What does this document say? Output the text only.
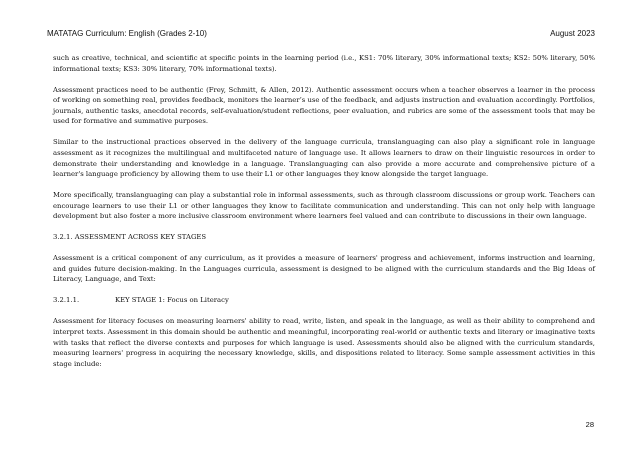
MATATAG Curriculum: English (Grades 2-10)	August 2023

such as creative, technical, and scientific at specific points in the learning period (i.e., KS1: 70% literary, 30% informational texts; KS2: 50% literary, 50% informational texts; KS3: 30% literary, 70% informational texts).

Assessment practices need to be authentic (Frey, Schmitt, & Allen, 2012). Authentic assessment occurs when a teacher observes a learner in the process of working on something real, provides feedback, monitors the learner’s use of the feedback, and adjusts instruction and evaluation accordingly. Portfolios, journals, authentic tasks, anecdotal records, self-evaluation/student reflections, peer evaluation, and rubrics are some of the assessment tools that may be used for formative and summative purposes.

Similar to the instructional practices observed in the delivery of the language curricula, translanguaging can also play a significant role in language assessment as it recognizes the multilingual and multifaceted nature of language use. It allows learners to draw on their linguistic resources in order to demonstrate their understanding and knowledge in a language. Translanguaging can also provide a more accurate and comprehensive picture of a learner's language proficiency by allowing them to use their L1 or other languages they know alongside the target language.

More specifically, translanguaging can play a substantial role in informal assessments, such as through classroom discussions or group work. Teachers can encourage learners to use their L1 or other languages they know to facilitate communication and understanding. This can not only help with language development but also foster a more inclusive classroom environment where learners feel valued and can contribute to discussions in their own language.

3.2.1. ASSESSMENT ACROSS KEY STAGES

Assessment is a critical component of any curriculum, as it provides a measure of learners' progress and achievement, informs instruction and learning, and guides future decision-making. In the Languages curricula, assessment is designed to be aligned with the curriculum standards and the Big Ideas of Literacy, Language, and Text:

3.2.1.1.	KEY STAGE 1: Focus on Literacy

Assessment for literacy focuses on measuring learners' ability to read, write, listen, and speak in the language, as well as their ability to comprehend and interpret texts. Assessment in this domain should be authentic and meaningful, incorporating real-world or authentic texts and literary or imaginative texts with tasks that reflect the diverse contexts and purposes for which language is used. Assessments should also be aligned with the curriculum standards, measuring learners' progress in acquiring the necessary knowledge, skills, and dispositions related to literacy. Some sample assessment activities in this stage include:

28
